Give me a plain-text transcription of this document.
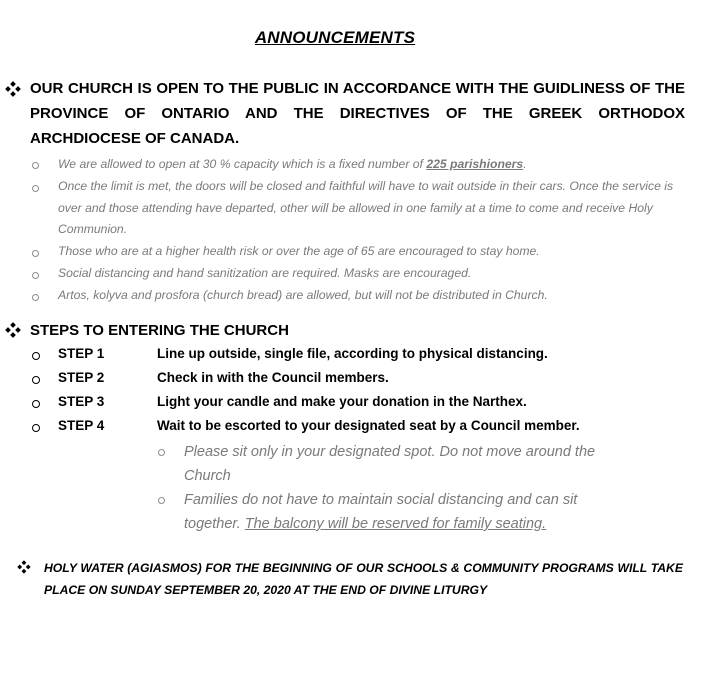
ANNOUNCEMENTS
OUR CHURCH IS OPEN TO THE PUBLIC IN ACCORDANCE WITH THE GUIDLINESS OF THE PROVINCE OF ONTARIO AND THE DIRECTIVES OF THE GREEK ORTHODOX ARCHDIOCESE OF CANADA.
We are allowed to open at 30 % capacity which is a fixed number of 225 parishioners.
Once the limit is met, the doors will be closed and faithful will have to wait outside in their cars. Once the service is over and those attending have departed, other will be allowed in one family at a time to come and receive Holy Communion.
Those who are at a higher health risk or over the age of 65 are encouraged to stay home.
Social distancing and hand sanitization are required. Masks are encouraged.
Artos, kolyva and prosfora (church bread) are allowed, but will not be distributed in Church.
STEPS TO ENTERING THE CHURCH
STEP 1	Line up outside, single file, according to physical distancing.
STEP 2	Check in with the Council members.
STEP 3	Light your candle and make your donation in the Narthex.
STEP 4	Wait to be escorted to your designated seat by a Council member.
Please sit only in your designated spot. Do not move around the Church
Families do not have to maintain social distancing and can sit together. The balcony will be reserved for family seating.
HOLY WATER (AGIASMOS) FOR THE BEGINNING OF OUR SCHOOLS & COMMUNITY PROGRAMS WILL TAKE PLACE ON SUNDAY SEPTEMBER 20, 2020 AT THE END OF DIVINE LITURGY
